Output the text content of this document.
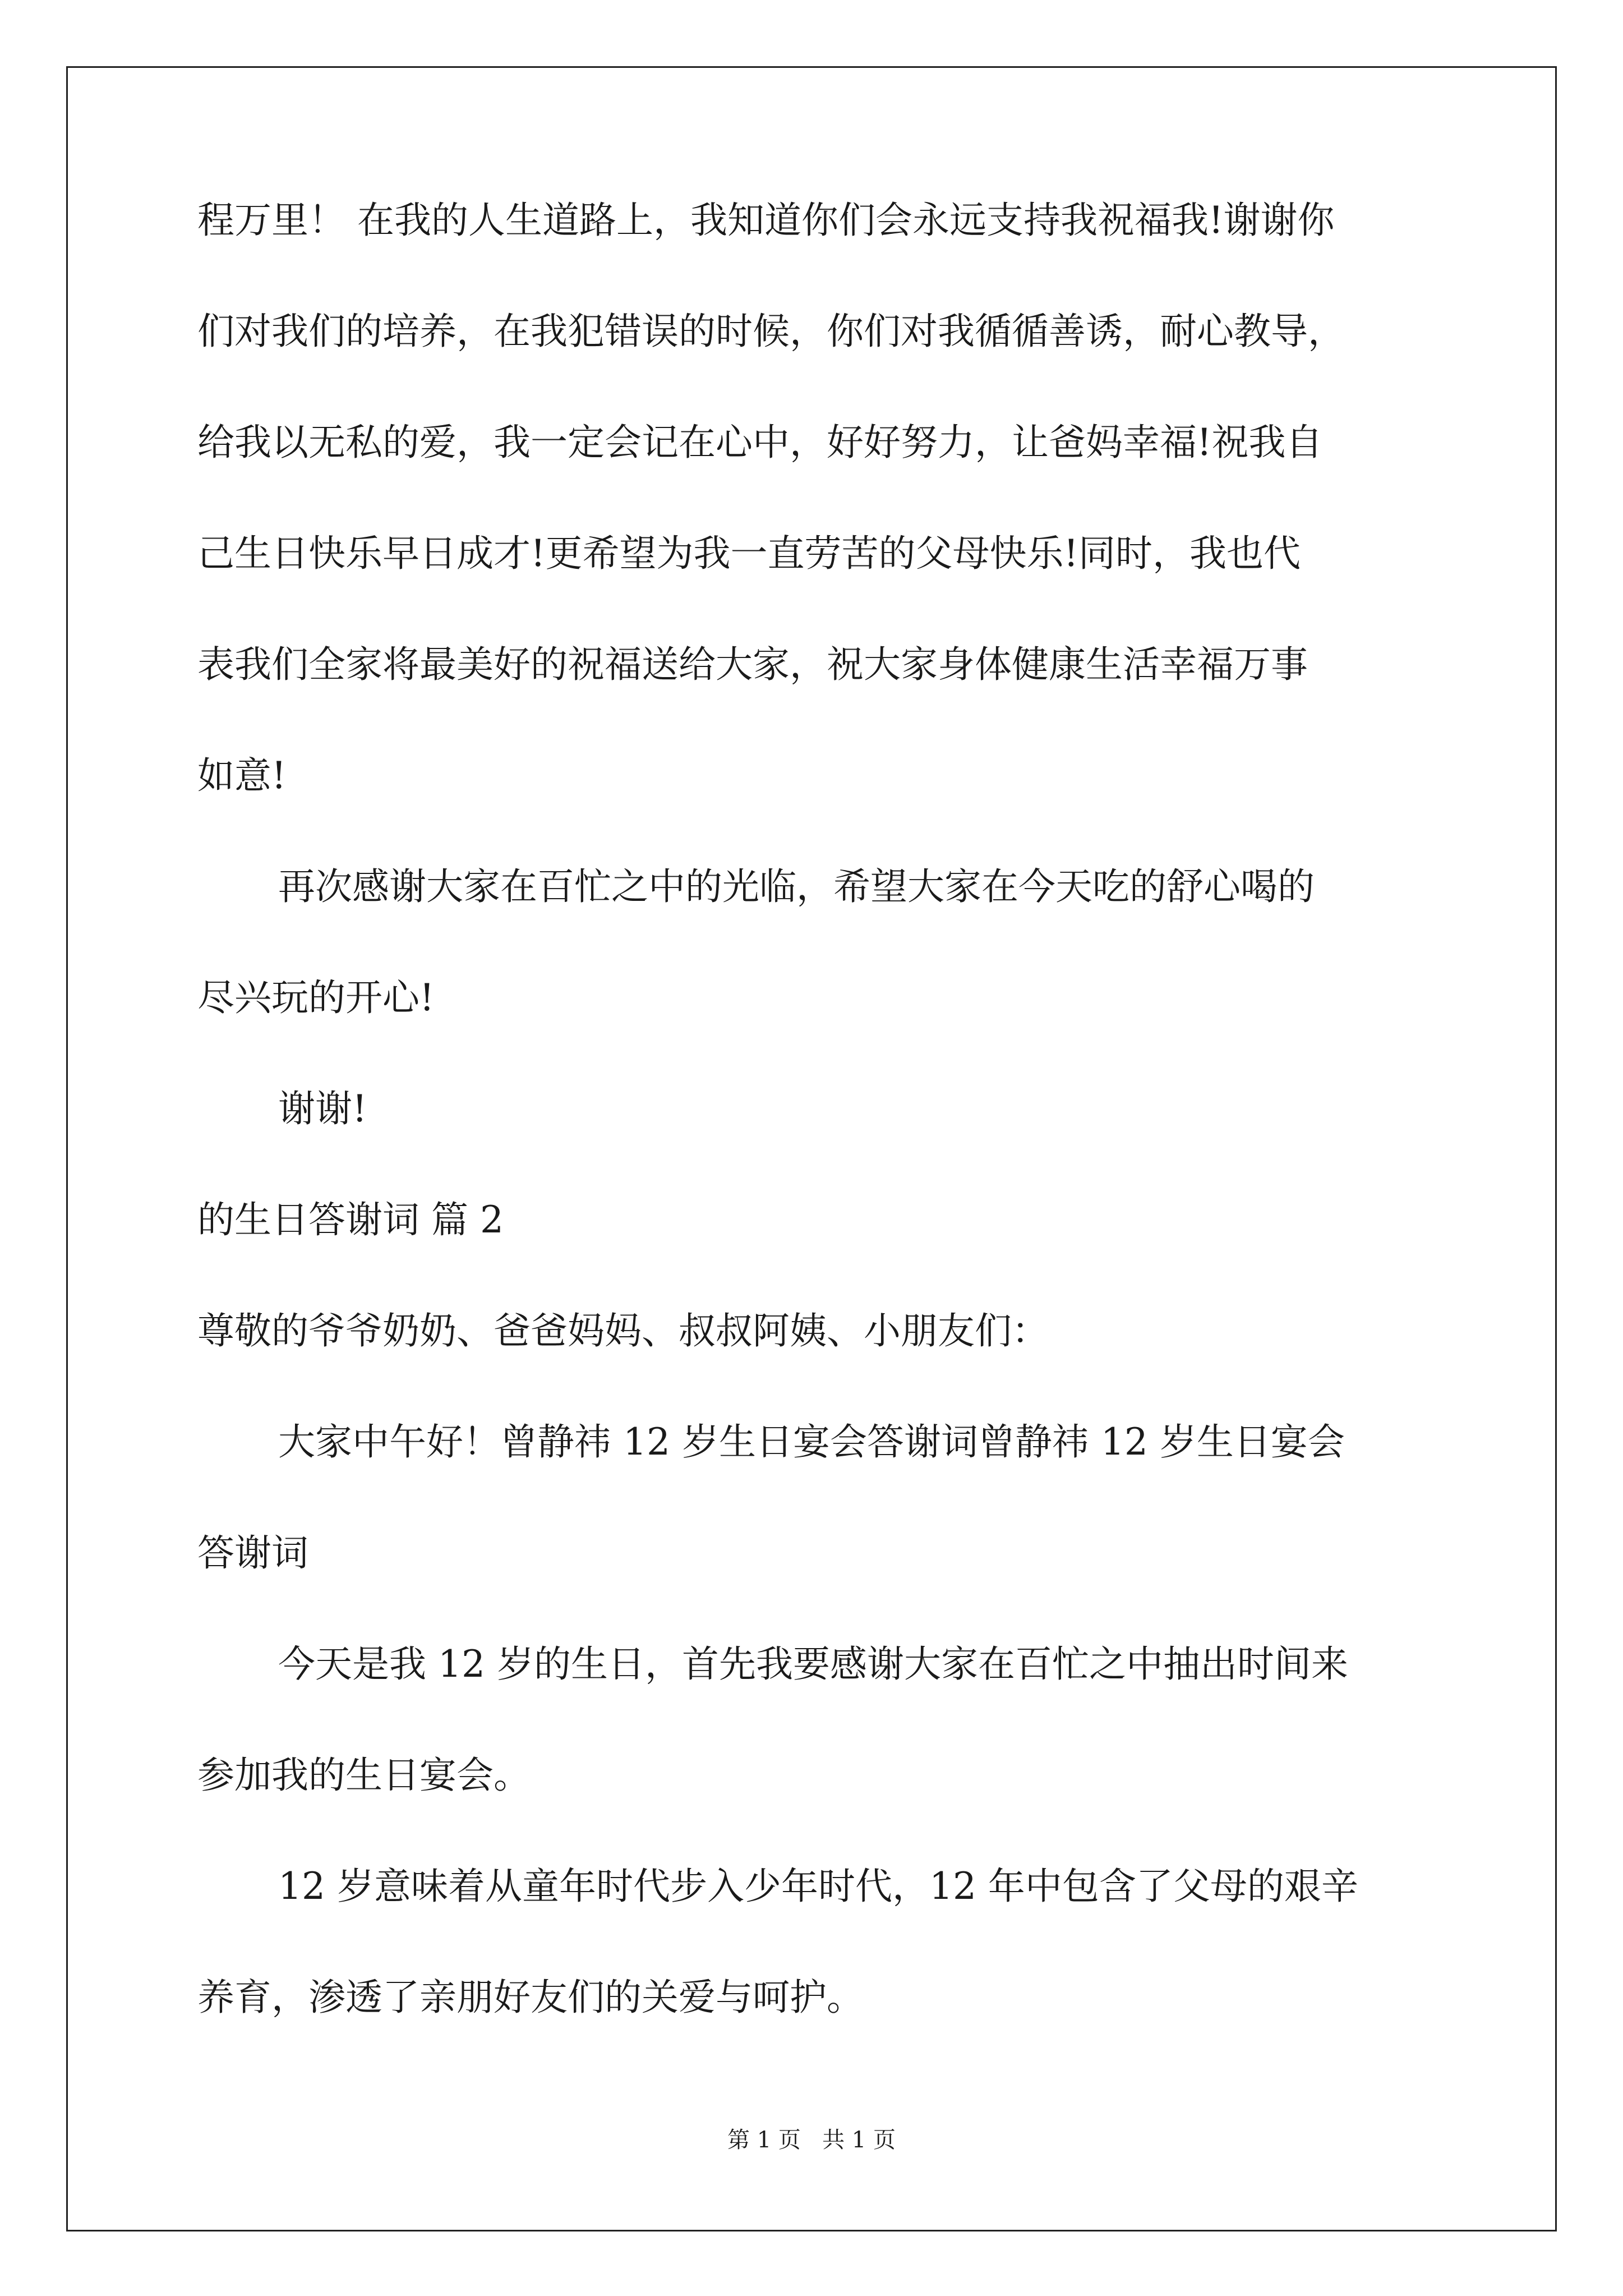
程万里！ 在我的人生道路上，我知道你们会永远支持我祝福我!谢谢你
们对我们的培养，在我犯错误的时候，你们对我循循善诱，耐心教导，
给我以无私的爱，我一定会记在心中，好好努力，让爸妈幸福!祝我自
己生日快乐早日成才!更希望为我一直劳苦的父母快乐!同时，我也代
表我们全家将最美好的祝福送给大家，祝大家身体健康生活幸福万事
如意!
再次感谢大家在百忙之中的光临，希望大家在今天吃的舒心喝的
尽兴玩的开心!
谢谢!
的生日答谢词 篇 2
尊敬的爷爷奶奶、爸爸妈妈、叔叔阿姨、小朋友们：
大家中午好！曾静祎 12 岁生日宴会答谢词曾静祎 12 岁生日宴会
答谢词
今天是我 12 岁的生日，首先我要感谢大家在百忙之中抽出时间来
参加我的生日宴会。
12 岁意味着从童年时代步入少年时代，12 年中包含了父母的艰辛
养育，渗透了亲朋好友们的关爱与呵护。
第 1 页   共 1 页
